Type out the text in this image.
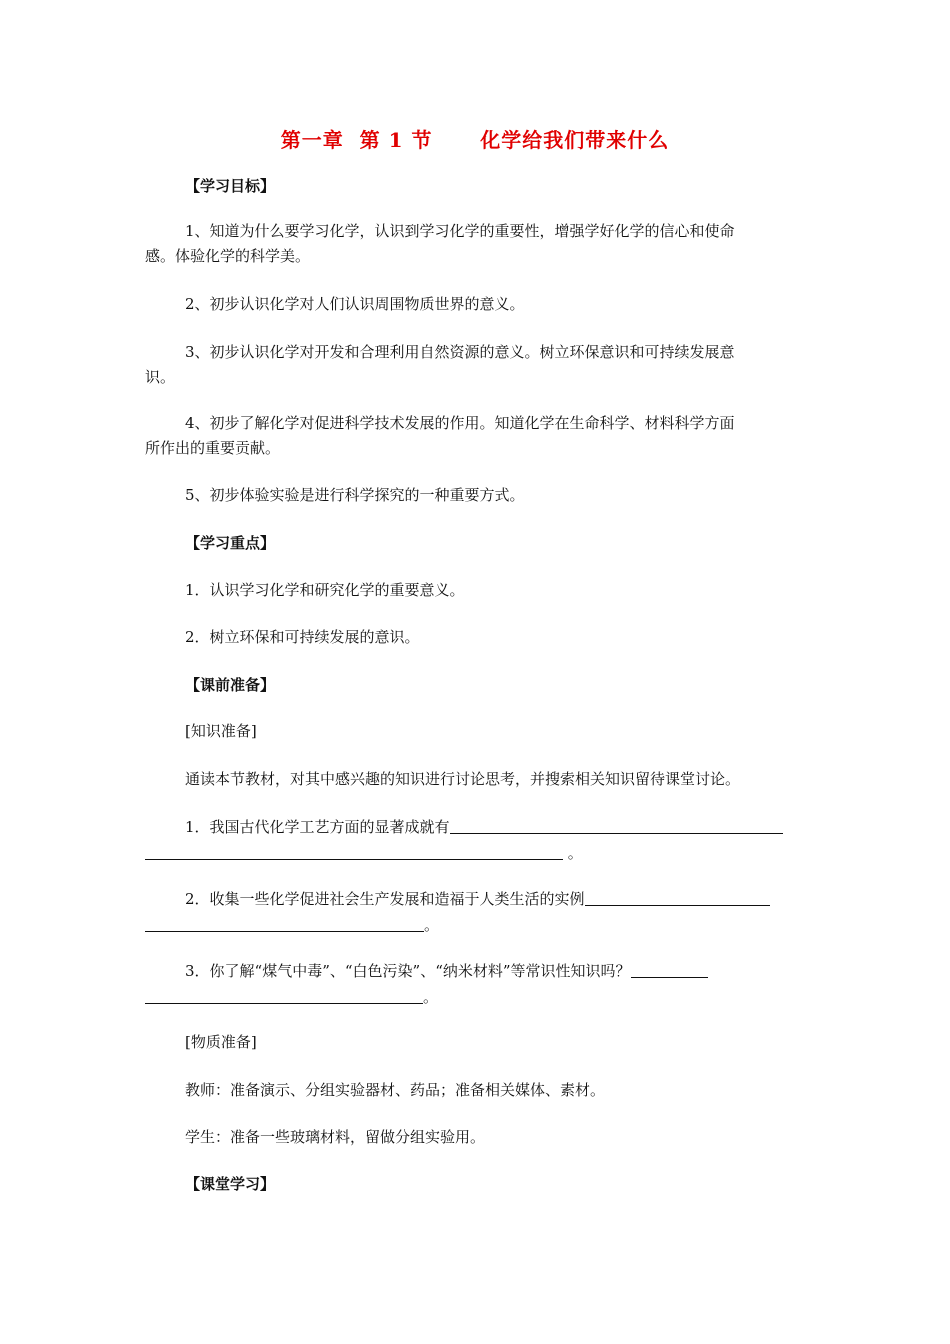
第一章  第 1 节      化学给我们带来什么
【学习目标】
1、知道为什么要学习化学，认识到学习化学的重要性，增强学好化学的信心和使命
感。体验化学的科学美。
2、初步认识化学对人们认识周围物质世界的意义。
3、初步认识化学对开发和合理利用自然资源的意义。树立环保意识和可持续发展意
识。
4、初步了解化学对促进科学技术发展的作用。知道化学在生命科学、材料科学方面
所作出的重要贡献。
5、初步体验实验是进行科学探究的一种重要方式。
【学习重点】
1．认识学习化学和研究化学的重要意义。
2．树立环保和可持续发展的意识。
【课前准备】
[知识准备]
通读本节教材，对其中感兴趣的知识进行讨论思考，并搜索相关知识留待课堂讨论。
1．我国古代化学工艺方面的显著成就有
。
2．收集一些化学促进社会生产发展和造福于人类生活的实例
。
3．你了解“煤气中毒”、“白色污染”、“纳米材料”等常识性知识吗？
。
[物质准备]
教师：准备演示、分组实验器材、药品；准备相关媒体、素材。
学生：准备一些玻璃材料，留做分组实验用。
【课堂学习】
